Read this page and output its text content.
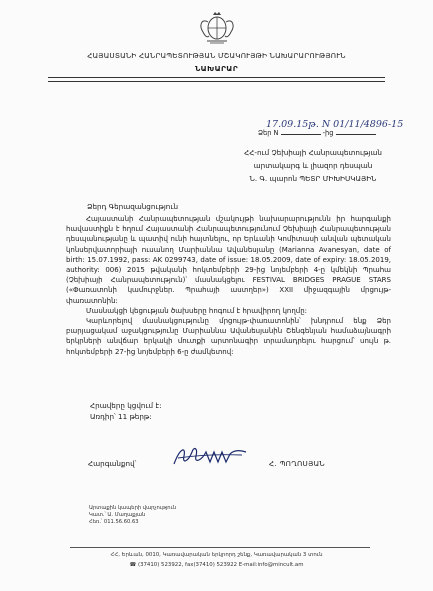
ՀԱՅԱՍՏԱՆԻ ՀԱՆՐԱՊԵՏՈՒԹՅԱՆ ՄՇԱԿՈՒՅԹԻ ՆԱԽԱՐԱՐՈՒԹՅՈՒՆ
ՆԱԽԱՐԱՐ
17.09.15թ. N 01/11/4896-15
Ձեր N	-ից
ՀՀ-ում Չեխիայի Հանրապետության
արտակարգ և լիազոր դեսպան
Ն. Գ. պարոն ՊԵՏՐ ՄԻԽԻՍԿԱՅԻՆ
Ձերդ Գերազանցություն

Հայաստանի Հանրապետության մշակույթի նախարարությունն իր հարգանքի հավաստիքն է հղում Հայաստանի Հանրապետությունում Չեխիայի Հանրապետության դեսպանությանը և պատիվ ունի հայտնելու, որ Երևանի Կոմիտասի անվան պետական կոնսերվատորիայի ուսանող Մարիաննա Ավանեսյանը (Marianna Avanesyan, date of birth: 15.07.1992, pass: AK 0299743, date of issue: 18.05.2009, date of expiry: 18.05.2019, authority: 006) 2015 թվականի հոկտեմբերի 29-ից նոյեմբերի 4-ը կմեկնի Պրահա (Չեխիայի Հանրապետություն)՝ մասնակցելու FESTIVAL BRIDGES PRAGUE STARS («Փառատոնի կամուրջներ. Պրահայի աստղեր») XXII միջազգային մրցույթ-փառատոնին:

Մասնակցի կեցության ծախսերը հոգում է հրավիրող կողմը:

Կարևորելով մասնակցությունը մրցույթ-փառատոնին՝ խնդրում ենք Ձեր բարյացակամ աջակցությունը Մարիաննա Ավանեսյանին Շենգենյան համաձայնագրի երկրների անվճար երկակի մուտքի արտոնագիր տրամադրելու հարցում՝ սույն թ. հոկտեմբերի 27-ից նոյեմբերի 6-ը ժամկետով:

Հրավերը կցվում է:
Առդիր՝ 11 թերթ:
Հարգանքով՝	Հ. ՊՈՂՈՍՅԱՆ
Արտաքին կապերի վարչություն
Կատ.՝ Ա. Մաղաքյան
Հեռ.՝ 011.56.60.63
ՀՀ, Երևան, 0010, Կառավարական երկրորդ շենք, Կառավարական 3 տուն
☎ (37410) 523922, fax(37410) 523922 E-mail:info@mincult.am
